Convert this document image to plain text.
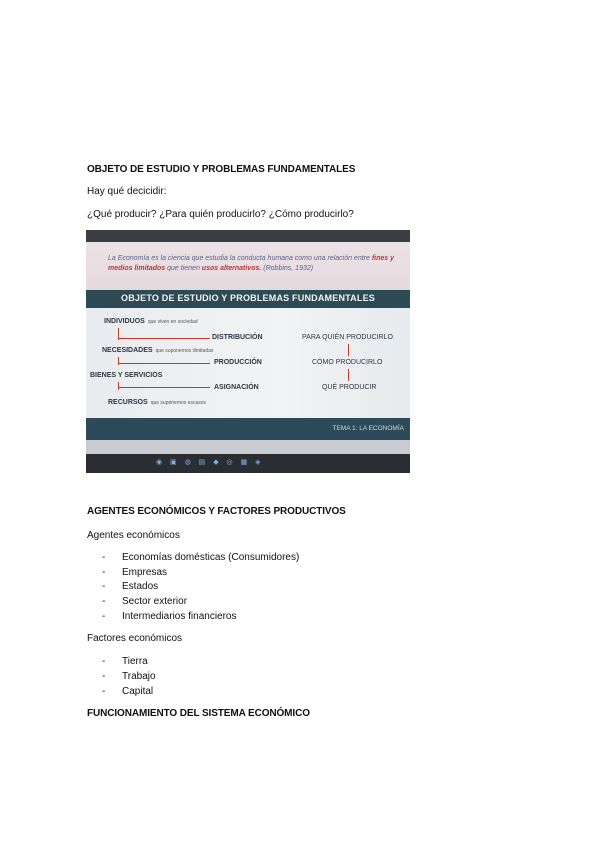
OBJETO DE ESTUDIO Y PROBLEMAS FUNDAMENTALES
Hay qué decicidir:
¿Qué producir? ¿Para quién producirlo? ¿Cómo producirlo?
La Economía es la ciencia que estudia la conducta humana como una relación entre fines y medios limitados que tienen usos alternativos. (Robbins, 1932)
OBJETO DE ESTUDIO Y PROBLEMAS FUNDAMENTALES
INDIVIDUOS que viven en sociedad
DISTRIBUCIÓN
NECESIDADES que suponemos ilimitadas
PRODUCCIÓN
BIENES Y SERVICIOS
ASIGNACIÓN
RECURSOS que suponemos escasos
PARA QUIÉN PRODUCIRLO
CÓMO PRODUCIRLO
QUÉ PRODUCIR
TEMA 1: LA ECONOMÍA
◉ ▣ ◍ ▤ ◆ ◎ ▦ ◈
AGENTES ECONÓMICOS Y FACTORES PRODUCTIVOS
Agentes económicos
- Economías domésticas (Consumidores)
- Empresas
- Estados
- Sector exterior
- Intermediarios financieros
Factores económicos
- Tierra
- Trabajo
- Capital
FUNCIONAMIENTO DEL SISTEMA ECONÓMICO
